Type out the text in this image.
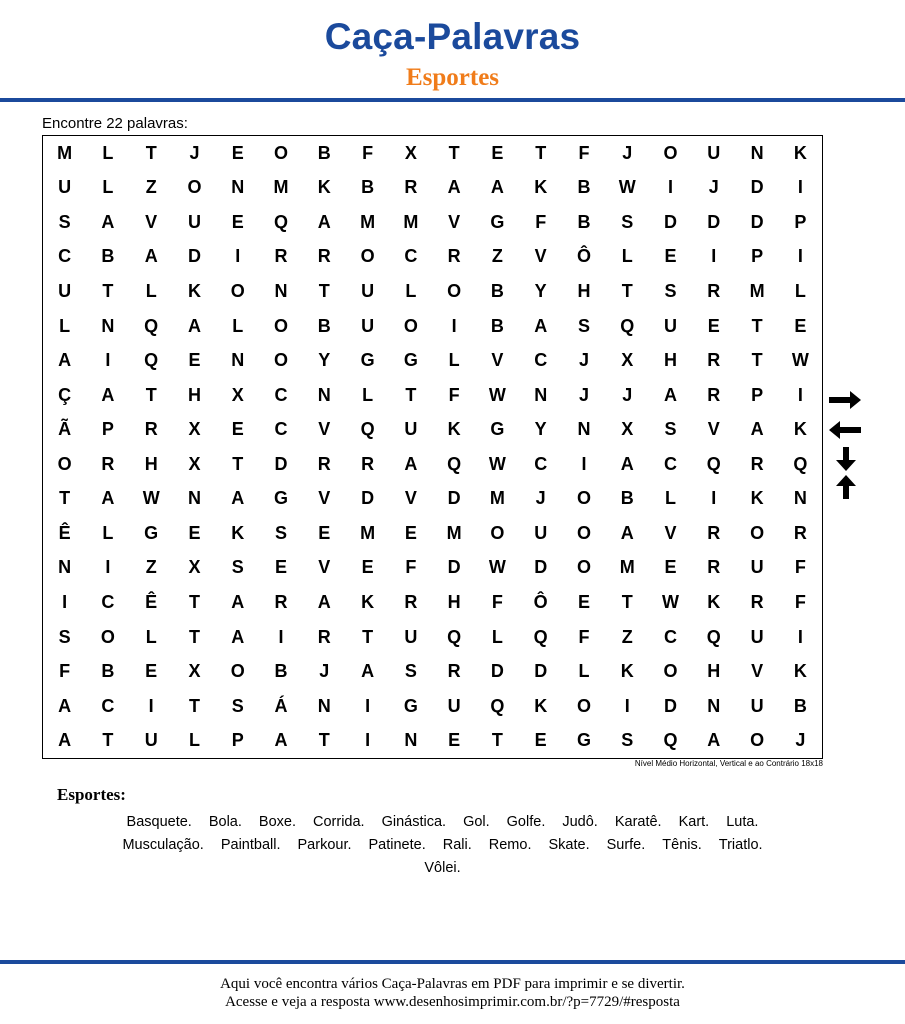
Caça-Palavras
Esportes
Encontre 22 palavras:
M	L	T	J	E	O	B	F	X	T	E	T	F	J	O	U	N	K
U	L	Z	O	N	M	K	B	R	A	A	K	B	W	I	J	D	I
S	A	V	U	E	Q	A	M	M	V	G	F	B	S	D	D	D	P
C	B	A	D	I	R	R	O	C	R	Z	V	Ô	L	E	I	P	I
U	T	L	K	O	N	T	U	L	O	B	Y	H	T	S	R	M	L
L	N	Q	A	L	O	B	U	O	I	B	A	S	Q	U	E	T	E
A	I	Q	E	N	O	Y	G	G	L	V	C	J	X	H	R	T	W
Ç	A	T	H	X	C	N	L	T	F	W	N	J	J	A	R	P	I
Ã	P	R	X	E	C	V	Q	U	K	G	Y	N	X	S	V	A	K
O	R	H	X	T	D	R	R	A	Q	W	C	I	A	C	Q	R	Q
T	A	W	N	A	G	V	D	V	D	M	J	O	B	L	I	K	N
Ê	L	G	E	K	S	E	M	E	M	O	U	O	A	V	R	O	R
N	I	Z	X	S	E	V	E	F	D	W	D	O	M	E	R	U	F
I	C	Ê	T	A	R	A	K	R	H	F	Ô	E	T	W	K	R	F
S	O	L	T	A	I	R	T	U	Q	L	Q	F	Z	C	Q	U	I
F	B	E	X	O	B	J	A	S	R	D	D	L	K	O	H	V	K
A	C	I	T	S	Á	N	I	G	U	Q	K	O	I	D	N	U	B
A	T	U	L	P	A	T	I	N	E	T	E	G	S	Q	A	O	J
Nível Médio Horizontal, Vertical e ao Contrário 18x18
Esportes:
Basquete.	Bola.	Boxe.	Corrida.	Ginástica.	Gol.	Golfe.	Judô.	Karatê.	Kart.	Luta.
Musculação.	Paintball.	Parkour.	Patinete.	Rali.	Remo.	Skate.	Surfe.	Tênis.	Triatlo.
Vôlei.
Aqui você encontra vários Caça-Palavras em PDF para imprimir e se divertir.
Acesse e veja a resposta www.desenhosimprimir.com.br/?p=7729/#resposta
